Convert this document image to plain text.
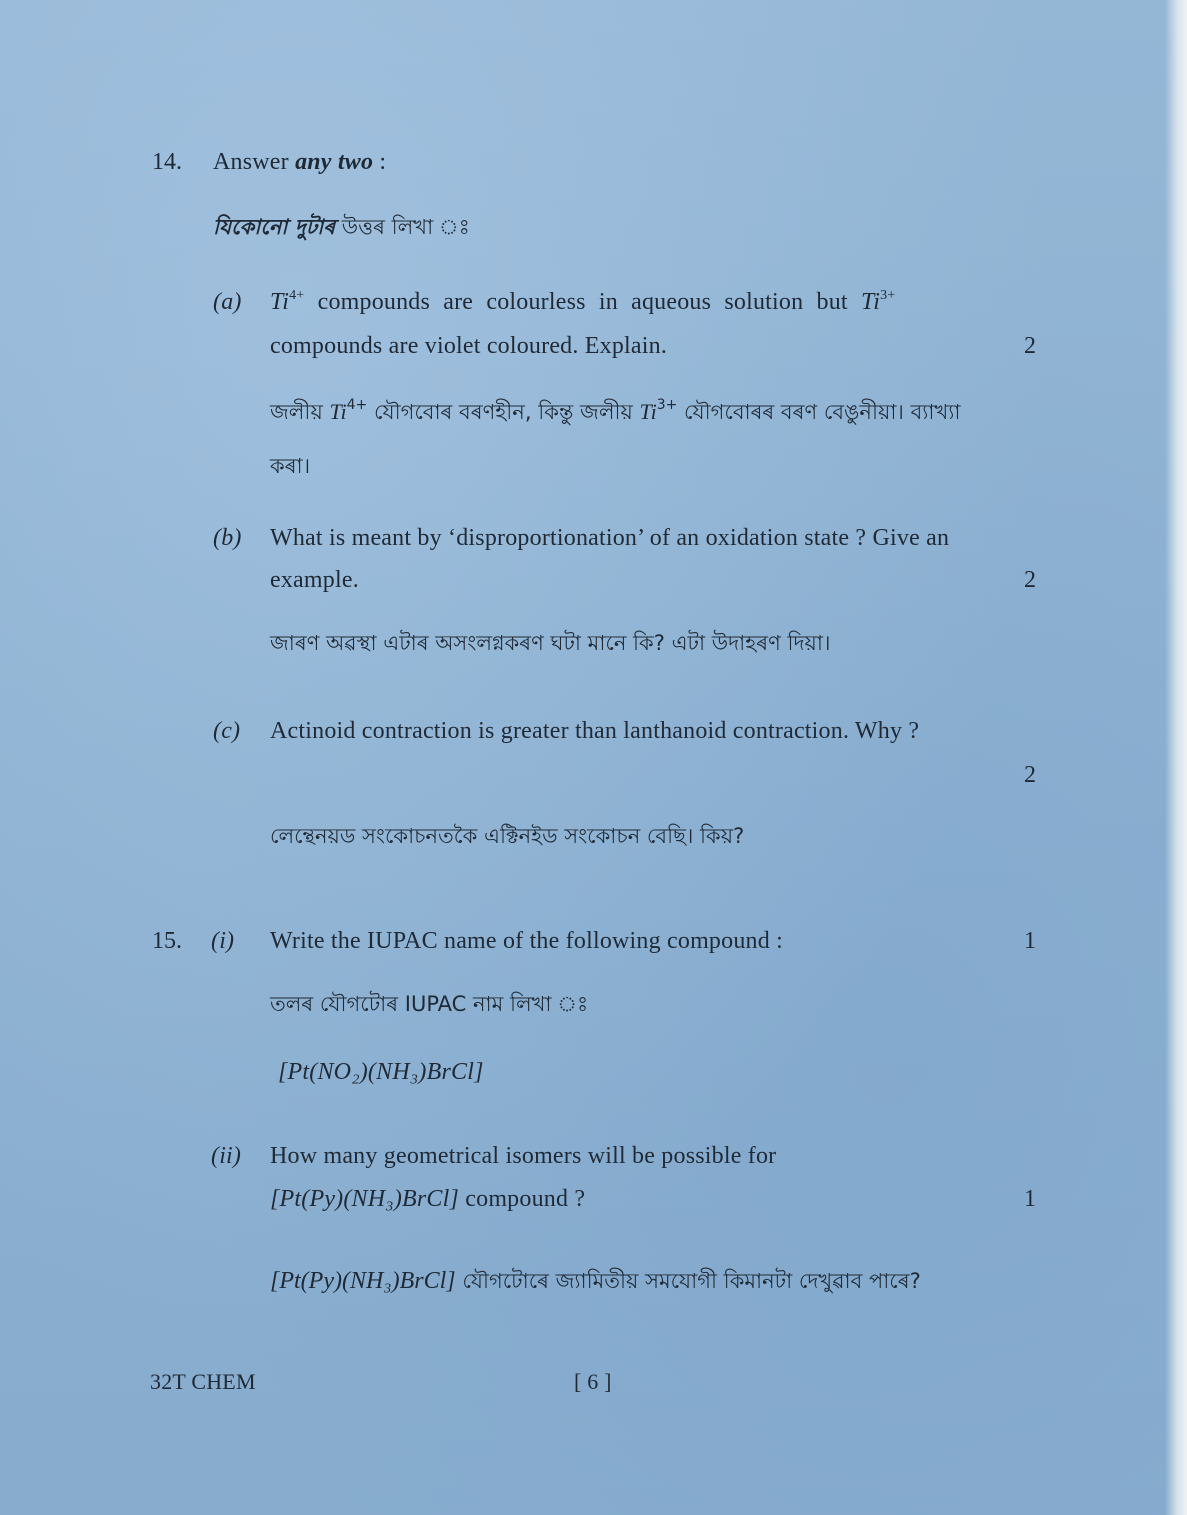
14. Answer any two :
যিকোনো দুটাৰ উত্তৰ লিখা ঃ
(a) $Ti^{4+}$ compounds are colourless in aqueous solution but $Ti^{3+}$
compounds are violet coloured. Explain.	2
জলীয় $Ti^{4+}$ যৌগবোৰ বৰণহীন, কিন্তু জলীয় $Ti^{3+}$ যৌগবোৰৰ বৰণ বেঙুনীয়া। ব্যাখ্যা
কৰা।
(b) What is meant by ‘disproportionation’ of an oxidation state ? Give an
example.	2
জাৰণ অৱস্থা এটাৰ অসংলগ্নকৰণ ঘটা মানে কি? এটা উদাহৰণ দিয়া।
(c) Actinoid contraction is greater than lanthanoid contraction. Why ?
2
লেন্থেনয়ড সংকোচনতকৈ এক্টিনইড সংকোচন বেছি। কিয়?
15. (i) Write the IUPAC name of the following compound :	1
তলৰ যৌগটোৰ IUPAC নাম লিখা ঃ
[Pt(NO₂)(NH₃)BrCl]
(ii) How many geometrical isomers will be possible for
[Pt(Py)(NH₃)BrCl] compound ?	1
[Pt(Py)(NH₃)BrCl] যৌগটোৰে জ্যামিতীয় সমযোগী কিমানটা দেখুৱাব পাৰে?
32T CHEM	[ 6 ]
